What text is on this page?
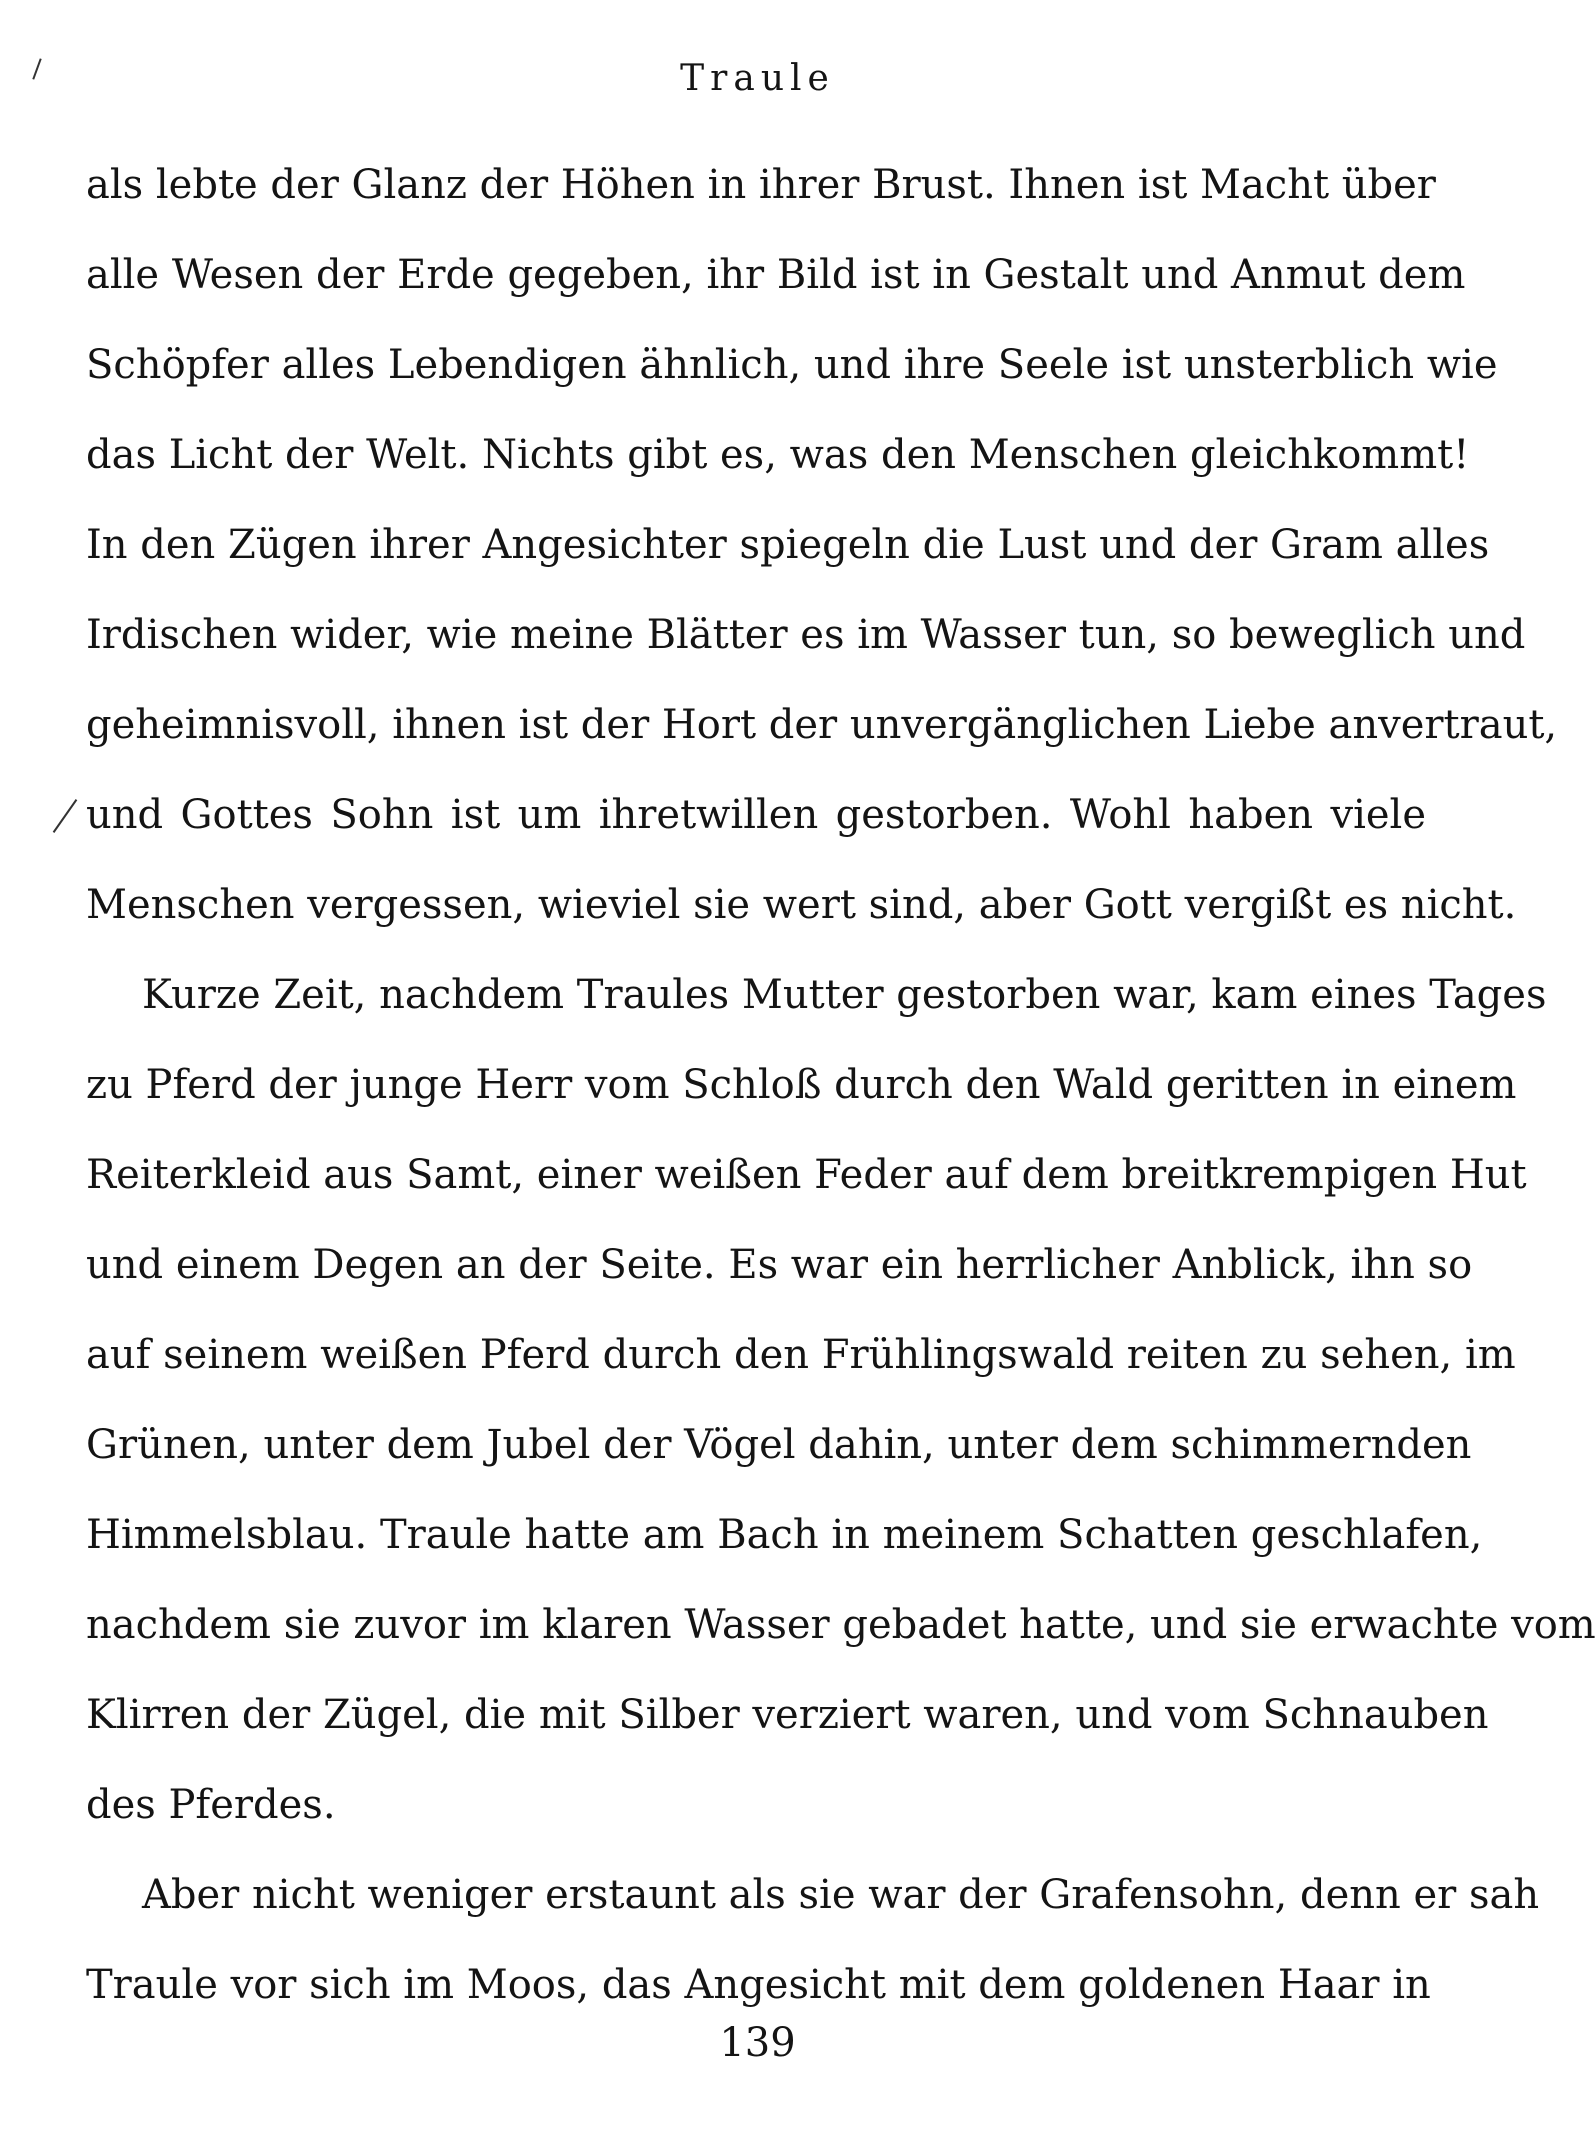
Traule

als lebte der Glanz der Höhen in ihrer Brust. Ihnen ist Macht über
alle Wesen der Erde gegeben, ihr Bild ist in Gestalt und Anmut dem
Schöpfer alles Lebendigen ähnlich, und ihre Seele ist unsterblich wie
das Licht der Welt. Nichts gibt es, was den Menschen gleichkommt!
In den Zügen ihrer Angesichter spiegeln die Lust und der Gram alles
Irdischen wider, wie meine Blätter es im Wasser tun, so beweglich und
geheimnisvoll, ihnen ist der Hort der unvergänglichen Liebe anvertraut,
und Gottes Sohn ist um ihretwillen gestorben. Wohl haben viele
Menschen vergessen, wieviel sie wert sind, aber Gott vergißt es nicht.

Kurze Zeit, nachdem Traules Mutter gestorben war, kam eines Tages
zu Pferd der junge Herr vom Schloß durch den Wald geritten in einem
Reiterkleid aus Samt, einer weißen Feder auf dem breitkrempigen Hut
und einem Degen an der Seite. Es war ein herrlicher Anblick, ihn so
auf seinem weißen Pferd durch den Frühlingswald reiten zu sehen, im
Grünen, unter dem Jubel der Vögel dahin, unter dem schimmernden
Himmelsblau. Traule hatte am Bach in meinem Schatten geschlafen,
nachdem sie zuvor im klaren Wasser gebadet hatte, und sie erwachte vom
Klirren der Zügel, die mit Silber verziert waren, und vom Schnauben
des Pferdes.

Aber nicht weniger erstaunt als sie war der Grafensohn, denn er sah
Traule vor sich im Moos, das Angesicht mit dem goldenen Haar in

139
